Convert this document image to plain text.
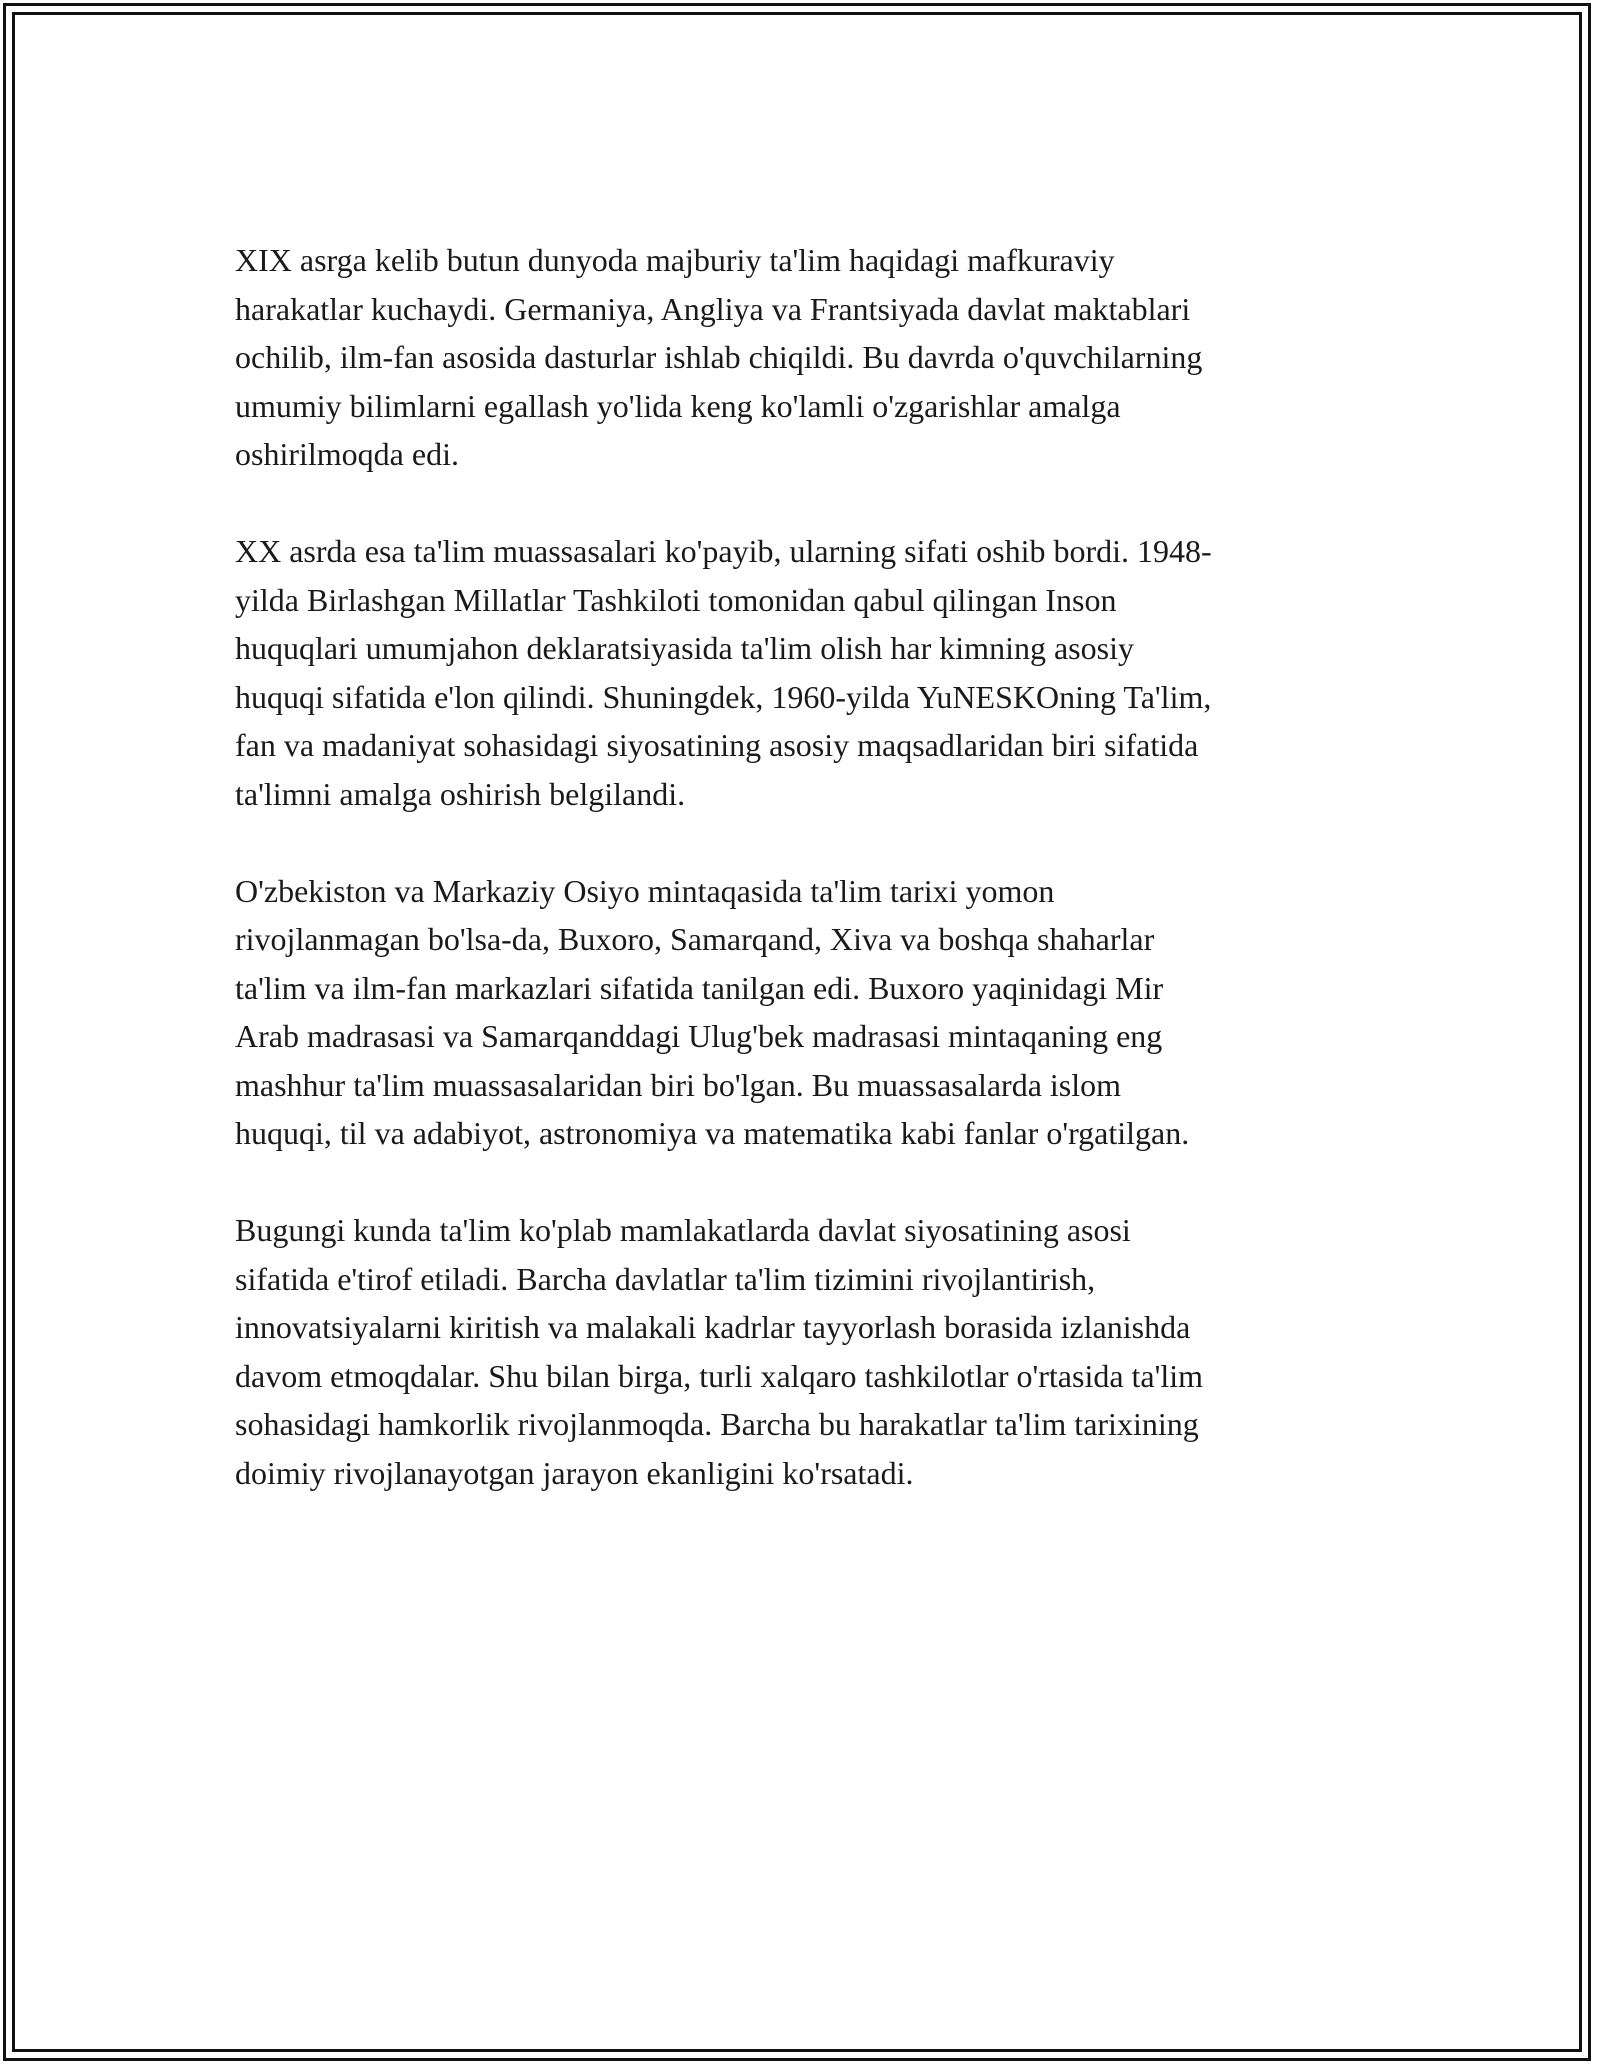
XIX asrga kelib butun dunyoda majburiy ta'lim haqidagi mafkuraviy

harakatlar kuchaydi. Germaniya, Angliya va Frantsiyada davlat maktablari

ochilib, ilm-fan asosida dasturlar ishlab chiqildi. Bu davrda o'quvchilarning

umumiy bilimlarni egallash yo'lida keng ko'lamli o'zgarishlar amalga

oshirilmoqda edi.

XX asrda esa ta'lim muassasalari ko'payib, ularning sifati oshib bordi. 1948-

yilda Birlashgan Millatlar Tashkiloti tomonidan qabul qilingan Inson

huquqlari umumjahon deklaratsiyasida ta'lim olish har kimning asosiy

huquqi sifatida e'lon qilindi. Shuningdek, 1960-yilda YuNESKOning Ta'lim,

fan va madaniyat sohasidagi siyosatining asosiy maqsadlaridan biri sifatida

ta'limni amalga oshirish belgilandi.

O'zbekiston va Markaziy Osiyo mintaqasida ta'lim tarixi yomon

rivojlanmagan bo'lsa-da, Buxoro, Samarqand, Xiva va boshqa shaharlar

ta'lim va ilm-fan markazlari sifatida tanilgan edi. Buxoro yaqinidagi Mir

Arab madrasasi va Samarqanddagi Ulug'bek madrasasi mintaqaning eng

mashhur ta'lim muassasalaridan biri bo'lgan. Bu muassasalarda islom

huquqi, til va adabiyot, astronomiya va matematika kabi fanlar o'rgatilgan.

Bugungi kunda ta'lim ko'plab mamlakatlarda davlat siyosatining asosi

sifatida e'tirof etiladi. Barcha davlatlar ta'lim tizimini rivojlantirish,

innovatsiyalarni kiritish va malakali kadrlar tayyorlash borasida izlanishda

davom etmoqdalar. Shu bilan birga, turli xalqaro tashkilotlar o'rtasida ta'lim

sohasidagi hamkorlik rivojlanmoqda. Barcha bu harakatlar ta'lim tarixining

doimiy rivojlanayotgan jarayon ekanligini ko'rsatadi.
